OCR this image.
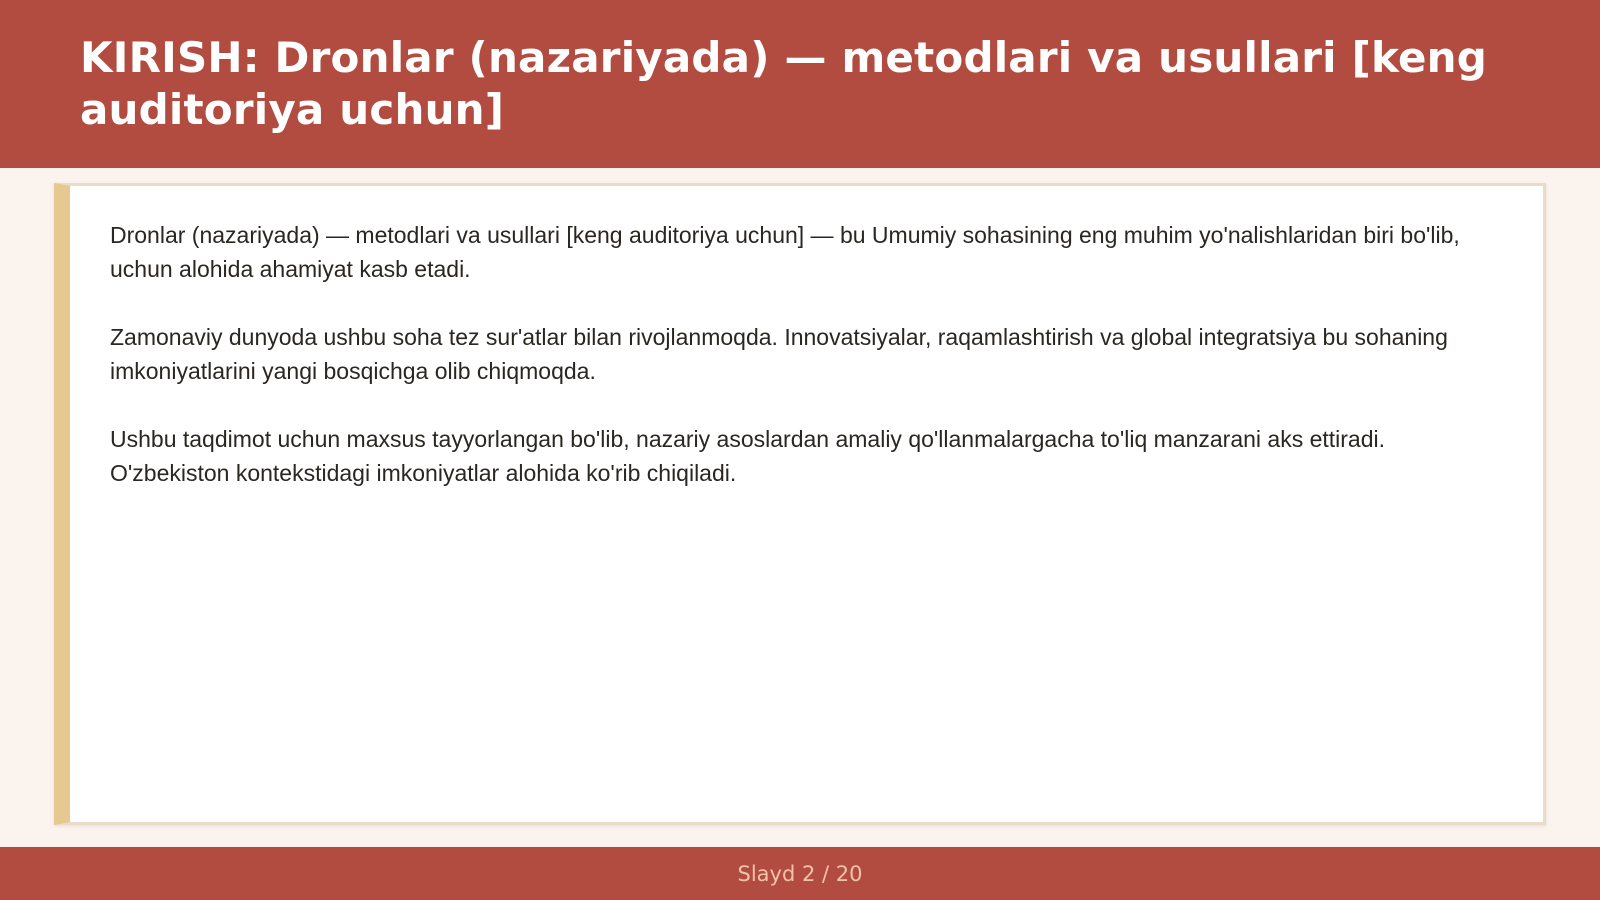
KIRISH: Dronlar (nazariyada) — metodlari va usullari [keng auditoriya uchun]

Dronlar (nazariyada) — metodlari va usullari [keng auditoriya uchun] — bu Umumiy sohasining eng muhim yo'nalishlaridan biri bo'lib, uchun alohida ahamiyat kasb etadi.

Zamonaviy dunyoda ushbu soha tez sur'atlar bilan rivojlanmoqda. Innovatsiyalar, raqamlashtirish va global integratsiya bu sohaning imkoniyatlarini yangi bosqichga olib chiqmoqda.

Ushbu taqdimot uchun maxsus tayyorlangan bo'lib, nazariy asoslardan amaliy qo'llanmalargacha to'liq manzarani aks ettiradi. O'zbekiston kontekstidagi imkoniyatlar alohida ko'rib chiqiladi.

Slayd 2 / 20
